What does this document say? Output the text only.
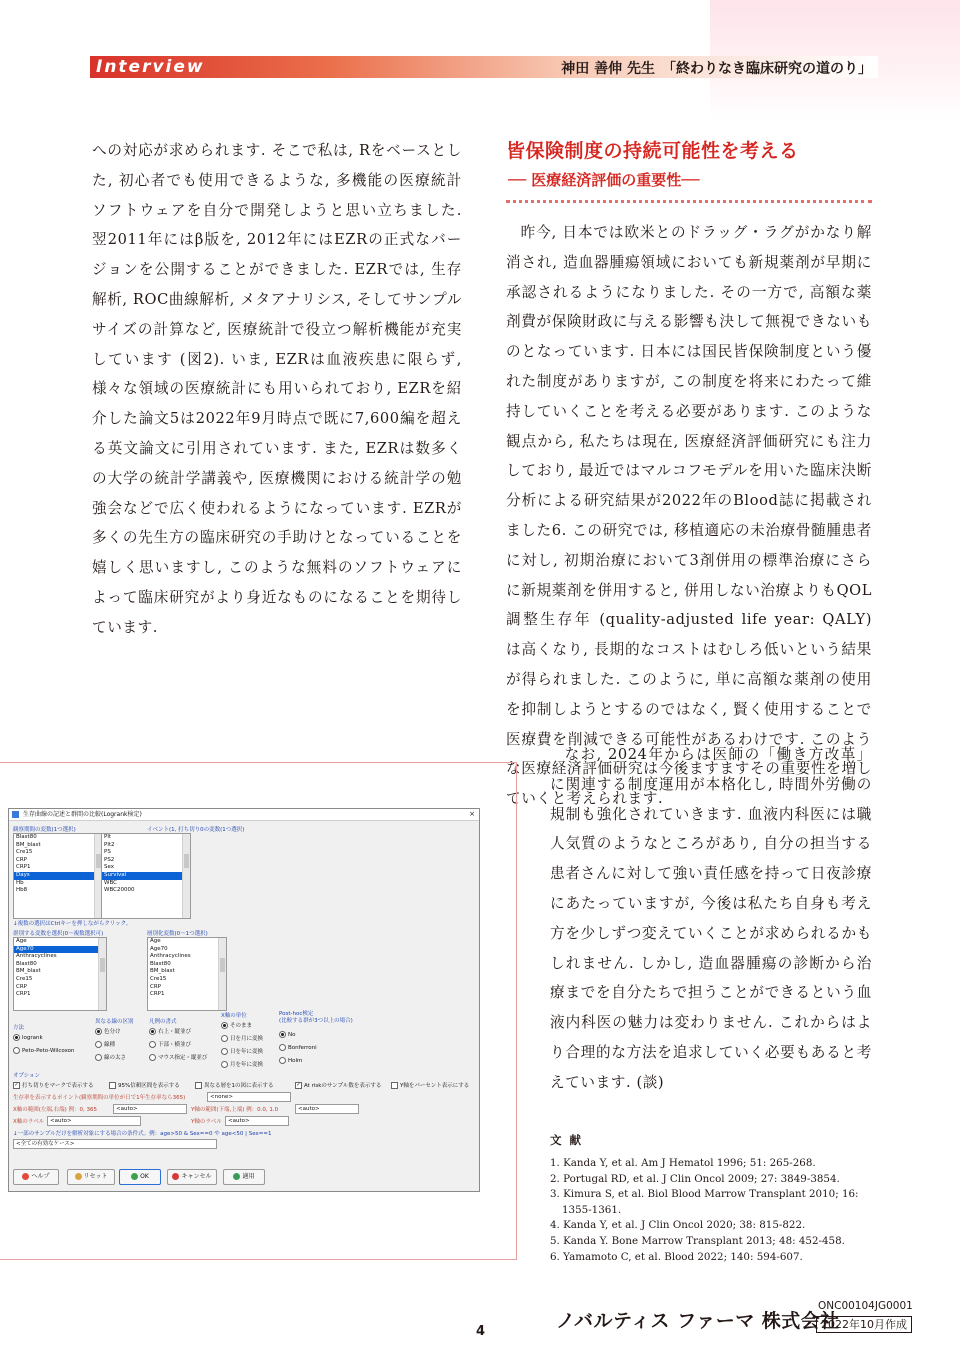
Interview	神田 善伸 先生　「終わりなき臨床研究の道のり」

への対応が求められます. そこで私は, Rをベースとした, 初心者でも使用できるような, 多機能の医療統計ソフトウェアを自分で開発しようと思い立ちました. 翌2011年にはβ版を, 2012年にはEZRの正式なバージョンを公開することができました. EZRでは, 生存解析, ROC曲線解析, メタアナリシス, そしてサンプルサイズの計算など, 医療統計で役立つ解析機能が充実しています (図2). いま, EZRは血液疾患に限らず, 様々な領域の医療統計にも用いられており, EZRを紹介した論文5は2022年9月時点で既に7,600編を超える英文論文に引用されています. また, EZRは数多くの大学の統計学講義や, 医療機関における統計学の勉強会などで広く使われるようになっています. EZRが多くの先生方の臨床研究の手助けとなっていることを嬉しく思いますし, このような無料のソフトウェアによって臨床研究がより身近なものになることを期待しています.

皆保険制度の持続可能性を考える
── 医療経済評価の重要性──

昨今, 日本では欧米とのドラッグ・ラグがかなり解消され, 造血器腫瘍領域においても新規薬剤が早期に承認されるようになりました. その一方で, 高額な薬剤費が保険財政に与える影響も決して無視できないものとなっています. 日本には国民皆保険制度という優れた制度がありますが, この制度を将来にわたって維持していくことを考える必要があります. このような観点から, 私たちは現在, 医療経済評価研究にも注力しており, 最近ではマルコフモデルを用いた臨床決断分析による研究結果が2022年のBlood誌に掲載されました6. この研究では, 移植適応の未治療骨髄腫患者に対し, 初期治療において3剤併用の標準治療にさらに新規薬剤を併用すると, 併用しない治療よりもQOL調整生存年 (quality-adjusted life year: QALY) は高くなり, 長期的なコストはむしろ低いという結果が得られました. このように, 単に高額な薬剤の使用を抑制しようとするのではなく, 賢く使用することで医療費を削減できる可能性があるわけです. このような医療経済評価研究は今後ますますその重要性を増していくと考えられます.

なお, 2024年からは医師の「働き方改革」に関連する制度運用が本格化し, 時間外労働の規制も強化されていきます. 血液内科医には職人気質のようなところがあり, 自分の担当する患者さんに対して強い責任感を持って日夜診療にあたっていますが, 今後は私たち自身も考え方を少しずつ変えていくことが求められるかもしれません. しかし, 造血器腫瘍の診断から治療までを自分たちで担うことができるという血液内科医の魅力は変わりません. これからはより合理的な方法を追求していく必要もあると考えています. (談)

生存曲線の記述と群間の比較(Logrank検定)	×
観察期間の変数(1つ選択)	イベント(1, 打ち切り0の変数(1つ選択)
Blast80
BM_blast
Cre15
CRP
CRP1
Days
Hb
Hb8
Plt
Plt2
PS
PS2
Sex
Survival
WBC
WBC20000
↓複数の選択はCtrlキーを押しながらクリック。
群別する変数を選択(0～複数選択可)	層別化変数(0～1つ選択)
Age
Age70
Anthracyclines
Blast80
BM_blast
Cre15
CRP
CRP1
Age
Age70
Anthracyclines
Blast80
BM_blast
Cre15
CRP
CRP1
方法
logrank
Peto-Peto-Wilcoxon
異なる線の区別
色分け
線種
線の太さ
凡例の書式
右上・縦並び
下部・横並び
マウス指定・縦並び
X軸の単位
そのまま
日を月に変換
日を年に変換
月を年に変換
Post-hoc検定
(比較する群が3つ以上の場合)
No
Bonferroni
Holm
オプション
✓ 打ち切りをマークで表示する	95%信頼区間を表示する	異なる層を1の図に表示する	✓ At riskのサンプル数を表示する	Y軸をパーセント表示にする
生存率を表示するポイント(観察期間の単位が日で1年生存率なら365)	<none>
X軸の範囲(左端,右端) 例：0, 365	<auto>	Y軸の範囲(下端,上端) 例：0.0, 1.0	<auto>
X軸のラベル	<auto>	Y軸のラベル	<auto>
↓一部のサンプルだけを解析対象にする場合の条件式。例：age>50 & Sex==0 や age<50 | Sex==1
<全ての有効なケース>
ヘルプ	リセット	OK	キャンセル	適用
文 献
1. Kanda Y, et al. Am J Hematol 1996; 51: 265-268.
2. Portugal RD, et al. J Clin Oncol 2009; 27: 3849-3854.
3. Kimura S, et al. Biol Blood Marrow Transplant 2010; 16: 1355-1361.
4. Kanda Y, et al. J Clin Oncol 2020; 38: 815-822.
5. Kanda Y. Bone Marrow Transplant 2013; 48: 452-458.
6. Yamamoto C, et al. Blood 2022; 140: 594-607.
ノバルティス ファーマ 株式会社
ONC00104JG0001
2022年10月作成
4
